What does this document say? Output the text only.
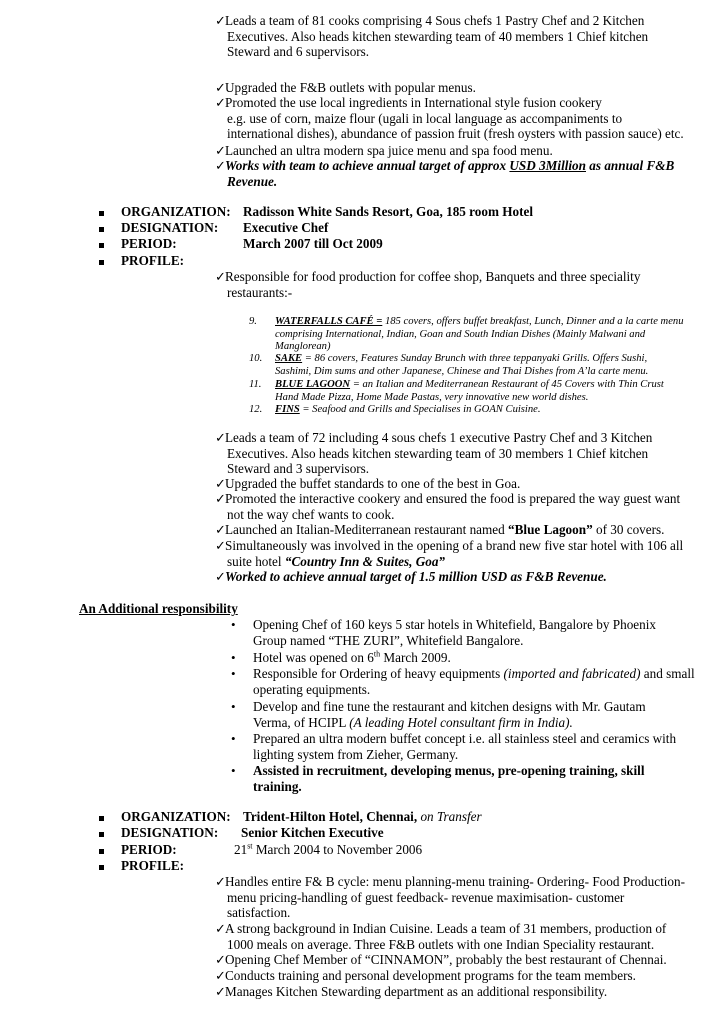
✓
Leads a team of 81 cooks comprising 4 Sous chefs 1 Pastry Chef and 2 Kitchen
Executives. Also heads kitchen stewarding team of 40 members 1 Chief kitchen
Steward and 6 supervisors.
✓
Upgraded the F&B outlets with popular menus.
✓
Promoted the use local ingredients in International style fusion cookery
e.g. use of corn, maize flour (ugali in local language as accompaniments to
international dishes), abundance of passion fruit (fresh oysters with passion sauce) etc.
✓
Launched an ultra modern spa juice menu and spa food menu.
✓
Works with team to achieve annual target of approx USD 3Million as annual F&B
Revenue.
ORGANIZATION: Radisson White Sands Resort, Goa, 185 room Hotel
DESIGNATION: Executive Chef
PERIOD:	March 2007 till Oct 2009
PROFILE:
✓
Responsible for food production for coffee shop, Banquets and three speciality
restaurants:-
9.	WATERFALLS CAFÉ = 185 covers, offers buffet breakfast, Lunch, Dinner and a la carte menu
comprising International, Indian, Goan and South Indian Dishes (Mainly Malwani and
Manglorean)
10.	SAKE = 86 covers, Features Sunday Brunch with three teppanyaki Grills. Offers Sushi,
Sashimi, Dim sums and other Japanese, Chinese and Thai Dishes from A’la carte menu.
11.	BLUE LAGOON = an Italian and Mediterranean Restaurant of 45 Covers with Thin Crust
Hand Made Pizza, Home Made Pastas, very innovative new world dishes.
12.	FINS = Seafood and Grills and Specialises in GOAN Cuisine.
✓
Leads a team of 72 including 4 sous chefs 1 executive Pastry Chef and 3 Kitchen
Executives. Also heads kitchen stewarding team of 30 members 1 Chief kitchen
Steward and 3 supervisors.
✓
Upgraded the buffet standards to one of the best in Goa.
✓
Promoted the interactive cookery and ensured the food is prepared the way guest want
not the way chef wants to cook.
✓
Launched an Italian-Mediterranean restaurant named “Blue Lagoon” of 30 covers.
✓
Simultaneously was involved in the opening of a brand new five star hotel with 106 all
suite hotel “Country Inn & Suites, Goa”
✓
Worked to achieve annual target of 1.5 million USD as F&B Revenue.
An Additional responsibility
• Opening Chef of 160 keys 5 star hotels in Whitefield, Bangalore by Phoenix
Group named “THE ZURI”, Whitefield Bangalore.
• Hotel was opened on 6th March 2009.
• Responsible for Ordering of heavy equipments (imported and fabricated) and small
operating equipments.
• Develop and fine tune the restaurant and kitchen designs with Mr. Gautam
Verma, of HCIPL (A leading Hotel consultant firm in India).
• Prepared an ultra modern buffet concept i.e. all stainless steel and ceramics with
lighting system from Zieher, Germany.
• Assisted in recruitment, developing menus, pre-opening training, skill
training.
ORGANIZATION: Trident-Hilton Hotel, Chennai, on Transfer
DESIGNATION: Senior Kitchen Executive
PERIOD:	21st March 2004 to November 2006
PROFILE:
✓
Handles entire F& B cycle: menu planning-menu training- Ordering- Food Production-
menu pricing-handling of guest feedback- revenue maximisation- customer
satisfaction.
✓
A strong background in Indian Cuisine. Leads a team of 31 members, production of
1000 meals on average. Three F&B outlets with one Indian Speciality restaurant.
✓
Opening Chef Member of “CINNAMON”, probably the best restaurant of Chennai.
✓
Conducts training and personal development programs for the team members.
✓
Manages Kitchen Stewarding department as an additional responsibility.
